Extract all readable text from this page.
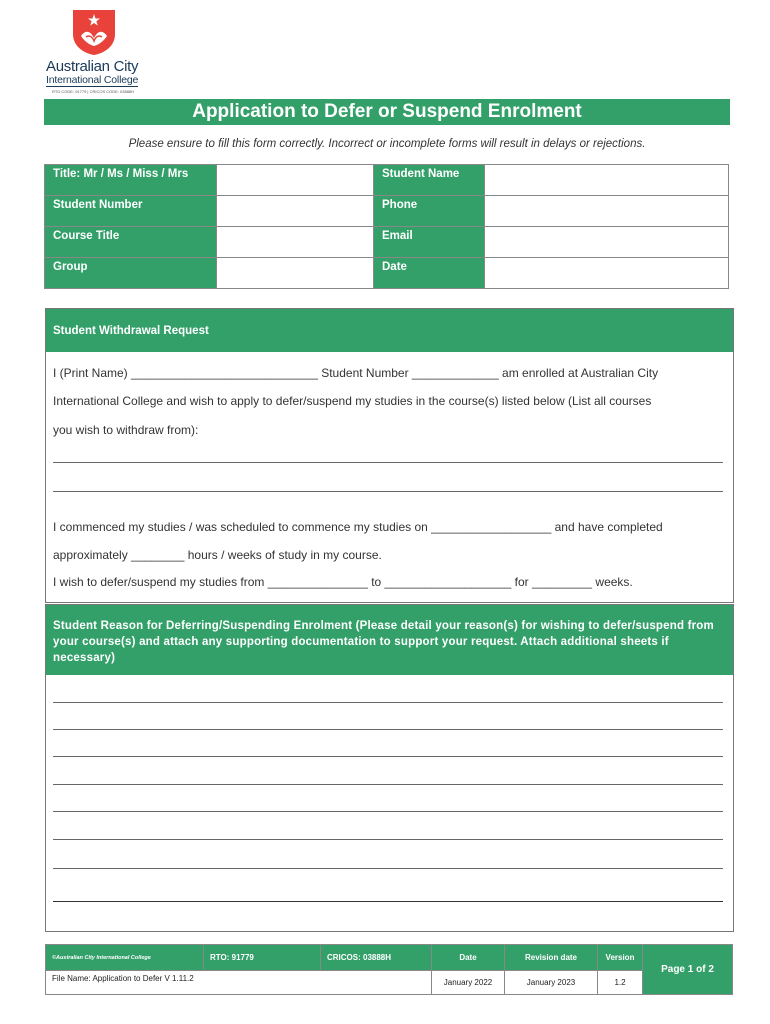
Australian City
International College
RTO CODE: 91779 | CRICOS CODE: 03888H
Application to Defer or Suspend Enrolment
Please ensure to fill this form correctly. Incorrect or incomplete forms will result in delays or rejections.
Title: Mr / Ms / Miss / Mrs		Student Name	
Student Number		Phone	
Course Title		Email	
Group		Date	
Student Withdrawal Request
I (Print Name) ____________________________ Student Number _____________ am enrolled at Australian City
International College and wish to apply to defer/suspend my studies in the course(s) listed below (List all courses
you wish to withdraw from):
I commenced my studies / was scheduled to commence my studies on __________________ and have completed
approximately ________ hours / weeks of study in my course.
I wish to defer/suspend my studies from _______________ to ___________________ for _________ weeks.
Student Reason for Deferring/Suspending Enrolment (Please detail your reason(s) for wishing to defer/suspend from your course(s) and attach any supporting documentation to support your request. Attach additional sheets if necessary)
©Australian City International College	RTO: 91779	CRICOS: 03888H	Date	Revision date	Version	Page 1 of 2
File Name: Application to Defer V 1.11.2			January 2022	January 2023	1.2	
